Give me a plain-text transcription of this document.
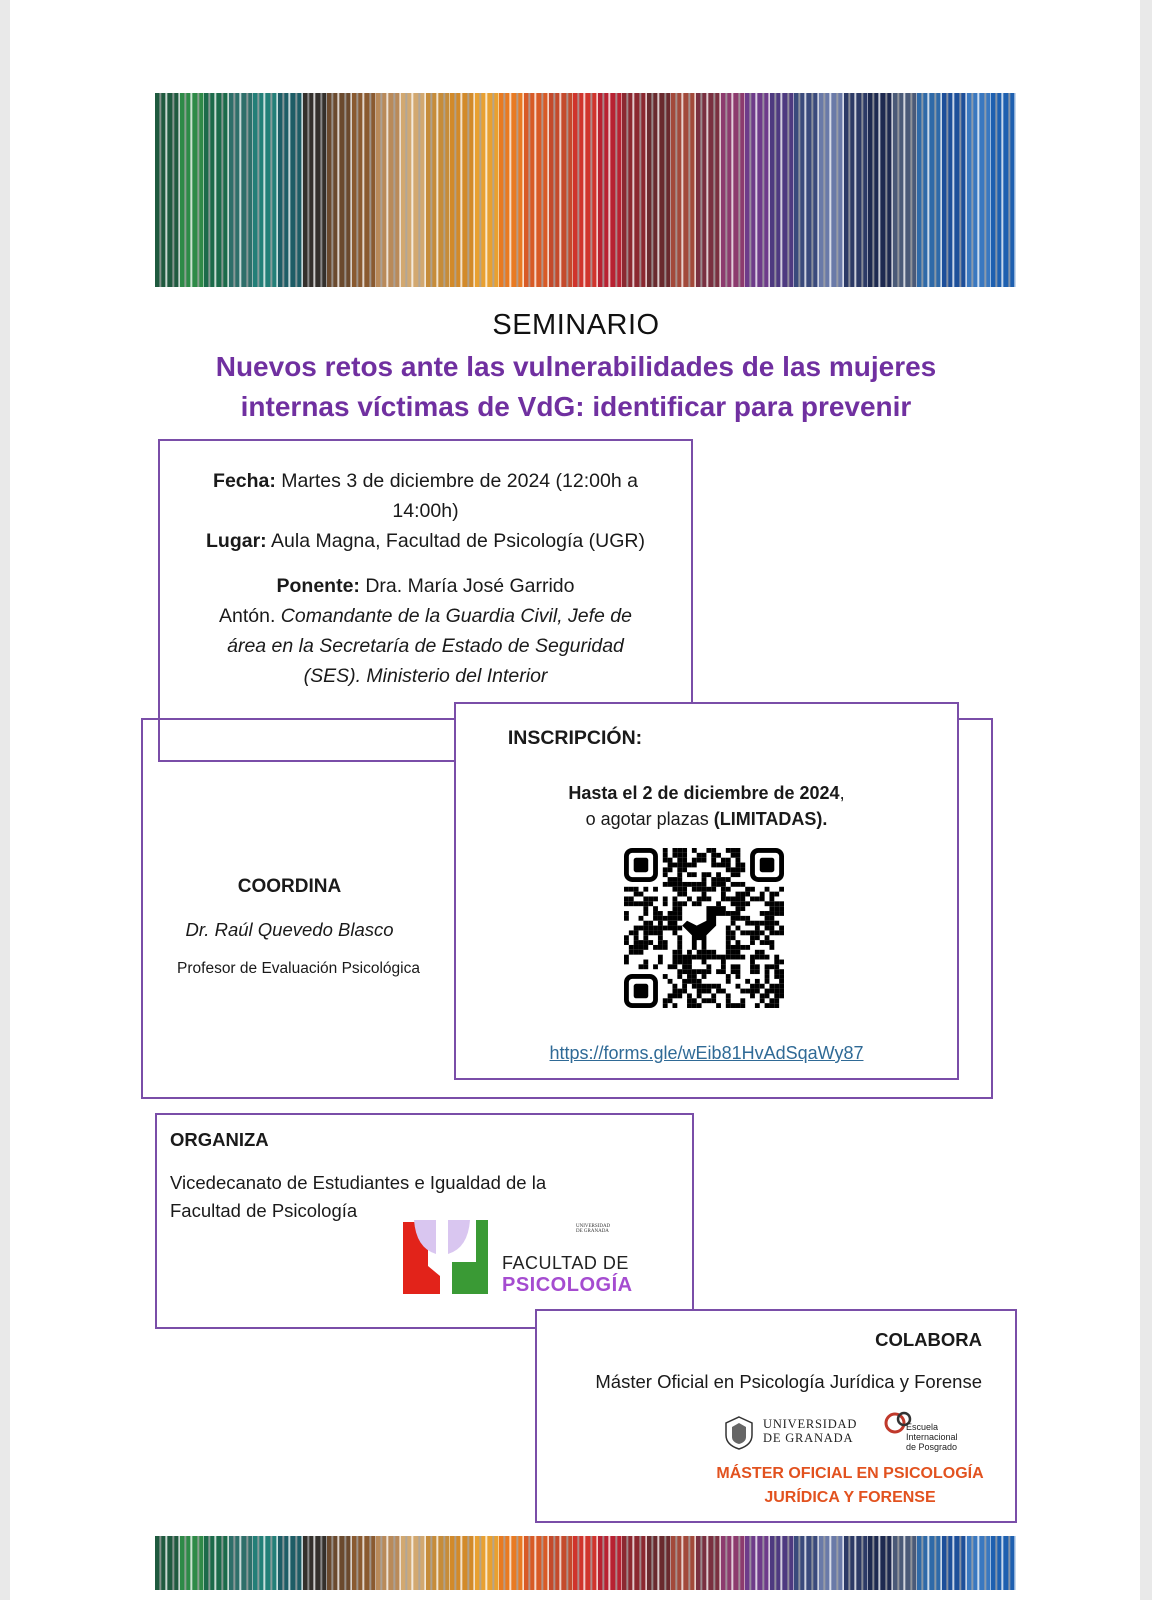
SEMINARIO
Nuevos retos ante las vulnerabilidades de las mujeres
internas víctimas de VdG: identificar para prevenir
Fecha: Martes 3 de diciembre de 2024 (12:00h a
14:00h)
Lugar: Aula Magna, Facultad de Psicología (UGR)
Ponente: Dra. María José Garrido
Antón. Comandante de la Guardia Civil, Jefe de
área en la Secretaría de Estado de Seguridad
(SES). Ministerio del Interior
INSCRIPCIÓN:
Hasta el 2 de diciembre de 2024,
o agotar plazas (LIMITADAS).
https://forms.gle/wEib81HvAdSqaWy87
COORDINA
Dr. Raúl Quevedo Blasco
Profesor de Evaluación Psicológica
ORGANIZA
Vicedecanato de Estudiantes e Igualdad de la Facultad de Psicología
UNIVERSIDAD
DE GRANADA
FACULTAD DE
PSICOLOGÍA
COLABORA
Máster Oficial en Psicología Jurídica y Forense
UNIVERSIDAD
DE GRANADA
Escuela
Internacional
de Posgrado
MÁSTER OFICIAL EN PSICOLOGÍA
JURÍDICA Y FORENSE
